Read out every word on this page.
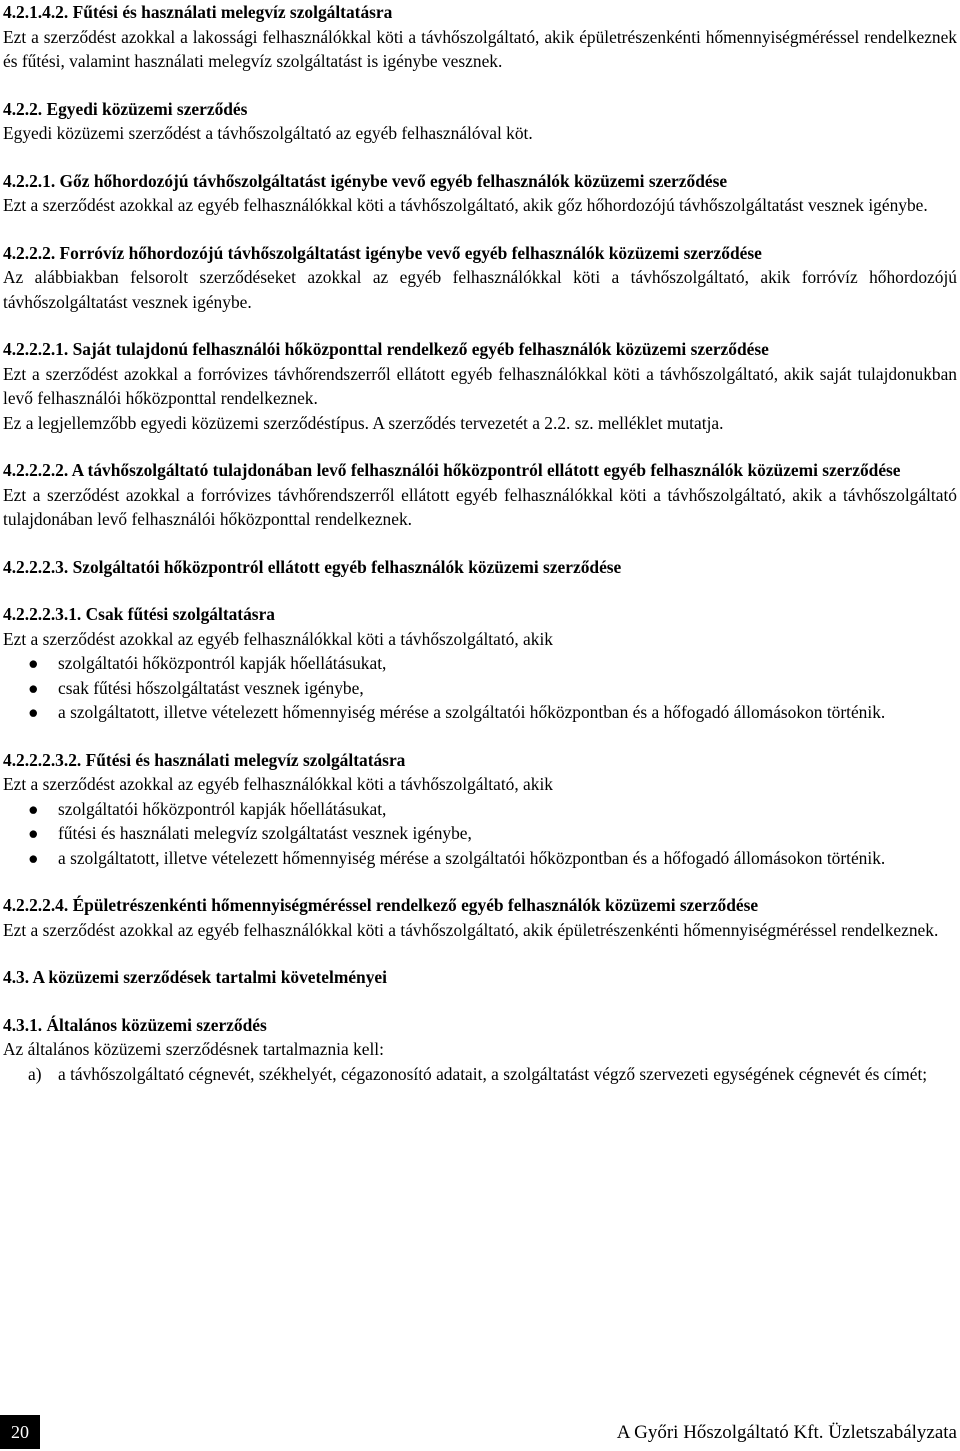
4.2.1.4.2. Fűtési és használati melegvíz szolgáltatásra
Ezt a szerződést azokkal a lakossági felhasználókkal köti a távhőszolgáltató, akik épületrészenkénti hőmennyiségméréssel rendelkeznek és fűtési, valamint használati melegvíz szolgáltatást is igénybe vesznek.
4.2.2. Egyedi közüzemi szerződés
Egyedi közüzemi szerződést a távhőszolgáltató az egyéb felhasználóval köt.
4.2.2.1. Gőz hőhordozójú távhőszolgáltatást igénybe vevő egyéb felhasználók közüzemi szerződése
Ezt a szerződést azokkal az egyéb felhasználókkal köti a távhőszolgáltató, akik gőz hőhordozójú távhőszolgáltatást vesznek igénybe.
4.2.2.2. Forróvíz hőhordozójú távhőszolgáltatást igénybe vevő egyéb felhasználók közüzemi szerződése
Az alábbiakban felsorolt szerződéseket azokkal az egyéb felhasználókkal köti a távhőszolgáltató, akik forróvíz hőhordozójú távhőszolgáltatást vesznek igénybe.
4.2.2.2.1. Saját tulajdonú felhasználói hőközponttal rendelkező egyéb felhasználók közüzemi szerződése
Ezt a szerződést azokkal a forróvizes távhőrendszerről ellátott egyéb felhasználókkal köti a távhőszolgáltató, akik saját tulajdonukban levő felhasználói hőközponttal rendelkeznek.
Ez a legjellemzőbb egyedi közüzemi szerződéstípus. A szerződés tervezetét a 2.2. sz. melléklet mutatja.
4.2.2.2.2. A távhőszolgáltató tulajdonában levő felhasználói hőközpontról ellátott egyéb felhasználók közüzemi szerződése
Ezt a szerződést azokkal a forróvizes távhőrendszerről ellátott egyéb felhasználókkal köti a távhőszolgáltató, akik a távhőszolgáltató tulajdonában levő felhasználói hőközponttal rendelkeznek.
4.2.2.2.3. Szolgáltatói hőközpontról ellátott egyéb felhasználók közüzemi szerződése
4.2.2.2.3.1. Csak fűtési szolgáltatásra
Ezt a szerződést azokkal az egyéb felhasználókkal köti a távhőszolgáltató, akik
● szolgáltatói hőközpontról kapják hőellátásukat,
● csak fűtési hőszolgáltatást vesznek igénybe,
● a szolgáltatott, illetve vételezett hőmennyiség mérése a szolgáltatói hőközpontban és a hőfogadó állomásokon történik.
4.2.2.2.3.2. Fűtési és használati melegvíz szolgáltatásra
Ezt a szerződést azokkal az egyéb felhasználókkal köti a távhőszolgáltató, akik
● szolgáltatói hőközpontról kapják hőellátásukat,
● fűtési és használati melegvíz szolgáltatást vesznek igénybe,
● a szolgáltatott, illetve vételezett hőmennyiség mérése a szolgáltatói hőközpontban és a hőfogadó állomásokon történik.
4.2.2.2.4. Épületrészenkénti hőmennyiségméréssel rendelkező egyéb felhasználók közüzemi szerződése
Ezt a szerződést azokkal az egyéb felhasználókkal köti a távhőszolgáltató, akik épületrészenkénti hőmennyiségméréssel rendelkeznek.
4.3. A közüzemi szerződések tartalmi követelményei
4.3.1. Általános közüzemi szerződés
Az általános közüzemi szerződésnek tartalmaznia kell:
a) a távhőszolgáltató cégnevét, székhelyét, cégazonosító adatait, a szolgáltatást végző szervezeti egységének cégnevét és címét;
20	A Győri Hőszolgáltató Kft. Üzletszabályzata
